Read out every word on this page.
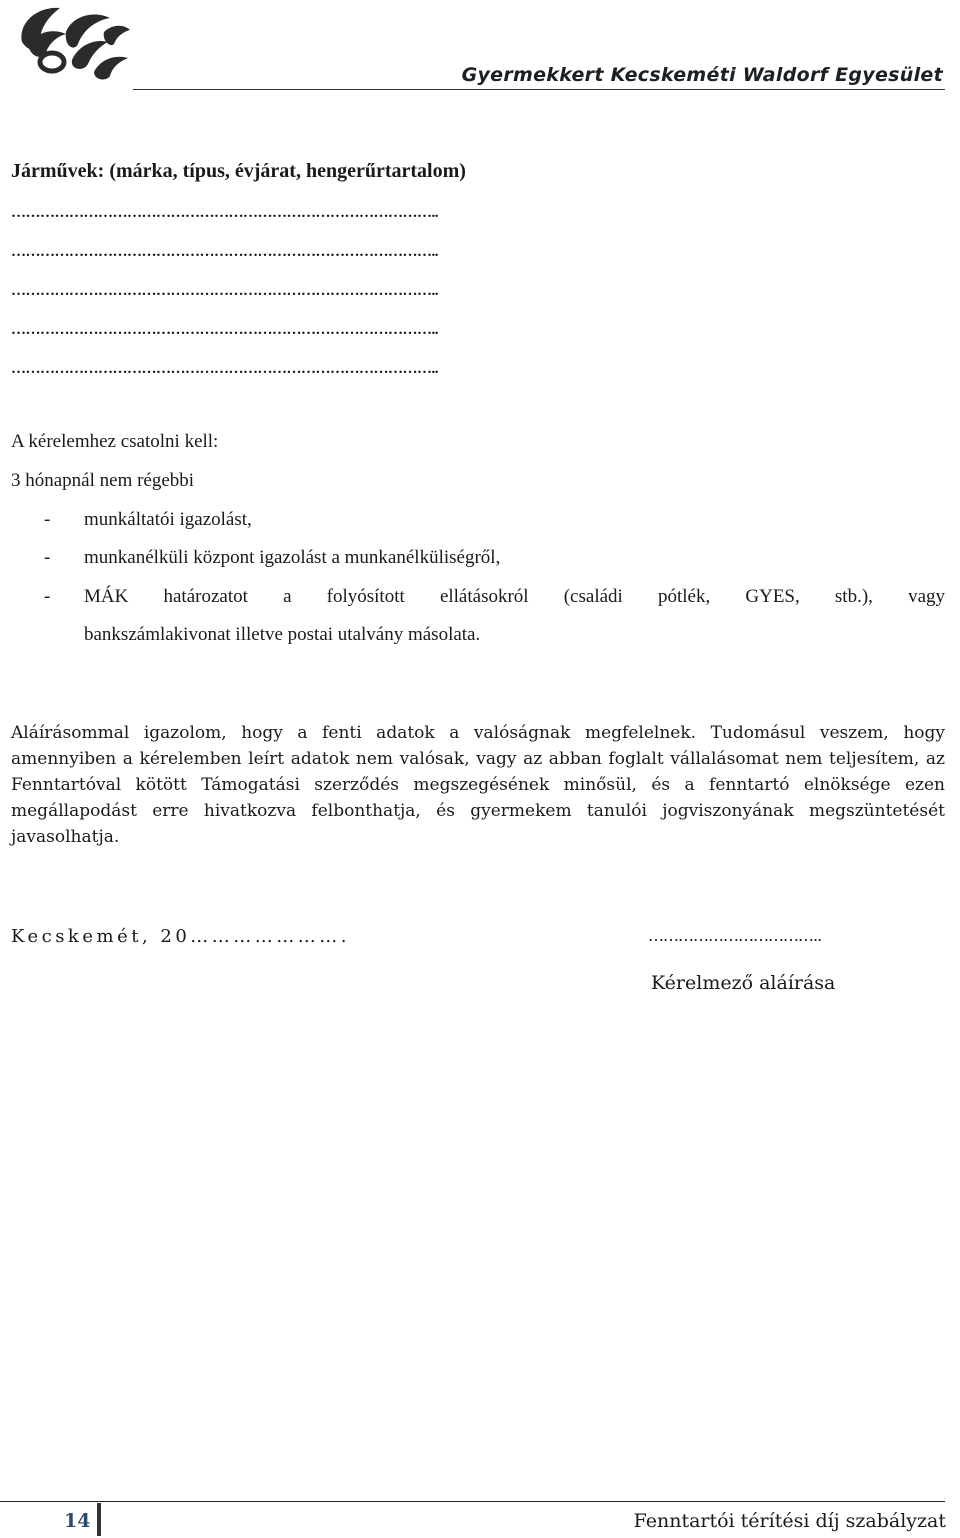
Gyermekkert Kecskeméti Waldorf Egyesület
Járművek: (márka, típus, évjárat, hengerűrtartalom)
……………………………………………………………………………..
……………………………………………………………………………..
……………………………………………………………………………..
……………………………………………………………………………..
……………………………………………………………………………..
A kérelemhez csatolni kell:
3 hónapnál nem régebbi
- munkáltatói igazolást,
- munkanélküli központ igazolást a munkanélküliségről,
- MÁK határozatot a folyósított ellátásokról (családi pótlék, GYES, stb.), vagy
bankszámlakivonat illetve postai utalvány másolata.
Aláírásommal igazolom, hogy a fenti adatok a valóságnak megfelelnek. Tudomásul veszem, hogy amennyiben a kérelemben leírt adatok nem valósak, vagy az abban foglalt vállalásomat nem teljesítem, az Fenntartóval kötött Támogatási szerződés megszegésének minősül, és a fenntartó elnöksége ezen megállapodást erre hivatkozva felbonthatja, és gyermekem tanulói jogviszonyának megszüntetését javasolhatja.
Kecskemét, 20………………….	……………………………..
Kérelmező aláírása
14	Fenntartói térítési díj szabályzat
